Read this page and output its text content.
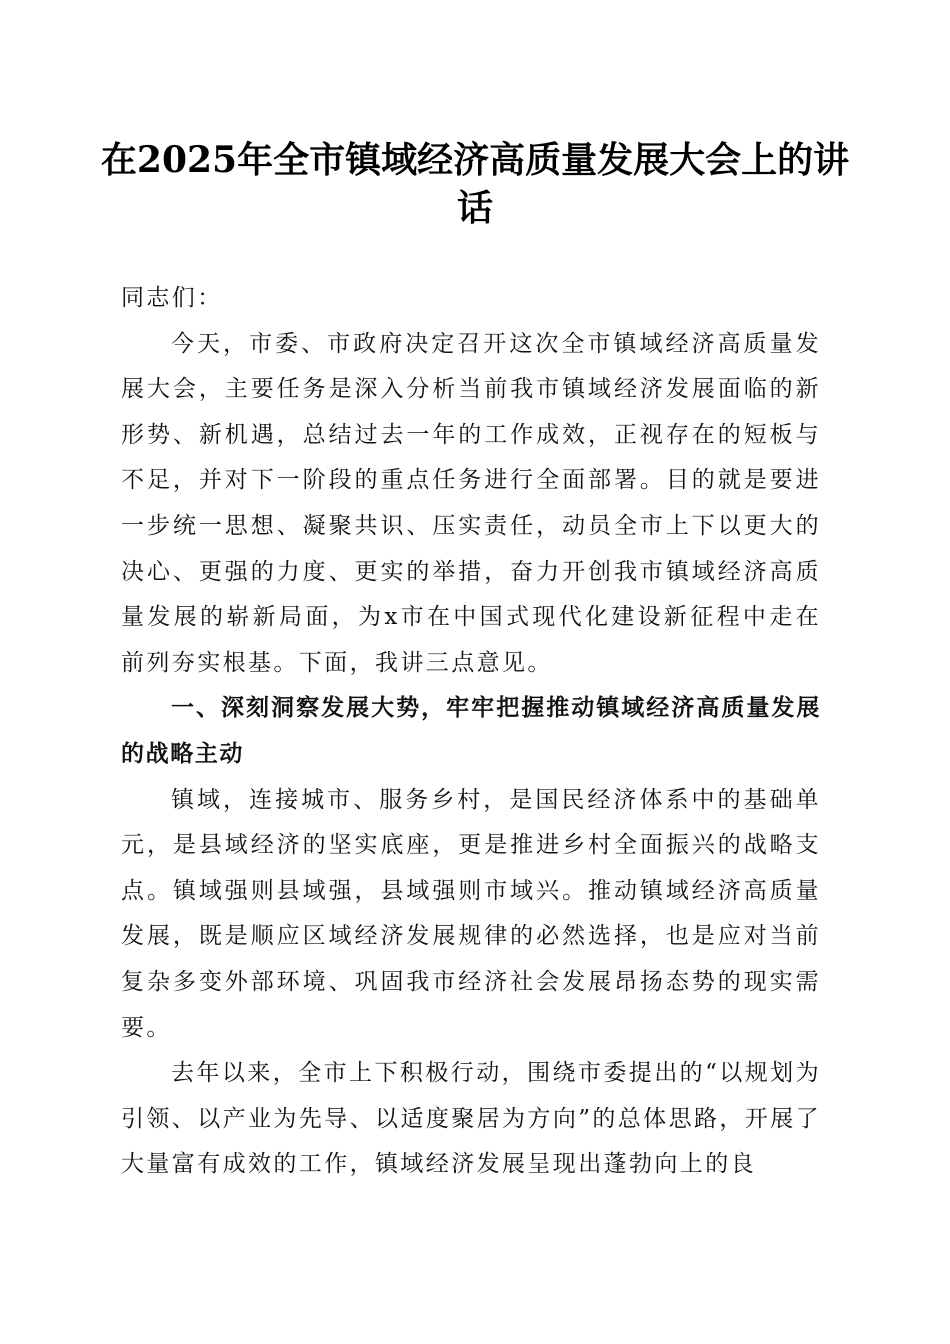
在2025年全市镇域经济高质量发展大会上的讲话

同志们：

今天，市委、市政府决定召开这次全市镇域经济高质量发展大会，主要任务是深入分析当前我市镇域经济发展面临的新形势、新机遇，总结过去一年的工作成效，正视存在的短板与不足，并对下一阶段的重点任务进行全面部署。目的就是要进一步统一思想、凝聚共识、压实责任，动员全市上下以更大的决心、更强的力度、更实的举措，奋力开创我市镇域经济高质量发展的崭新局面，为x市在中国式现代化建设新征程中走在前列夯实根基。下面，我讲三点意见。

一、深刻洞察发展大势，牢牢把握推动镇域经济高质量发展的战略主动

镇域，连接城市、服务乡村，是国民经济体系中的基础单元，是县域经济的坚实底座，更是推进乡村全面振兴的战略支点。镇域强则县域强，县域强则市域兴。推动镇域经济高质量发展，既是顺应区域经济发展规律的必然选择，也是应对当前复杂多变外部环境、巩固我市经济社会发展昂扬态势的现实需要。

去年以来，全市上下积极行动，围绕市委提出的“以规划为引领、以产业为先导、以适度聚居为方向”的总体思路，开展了大量富有成效的工作，镇域经济发展呈现出蓬勃向上的良
